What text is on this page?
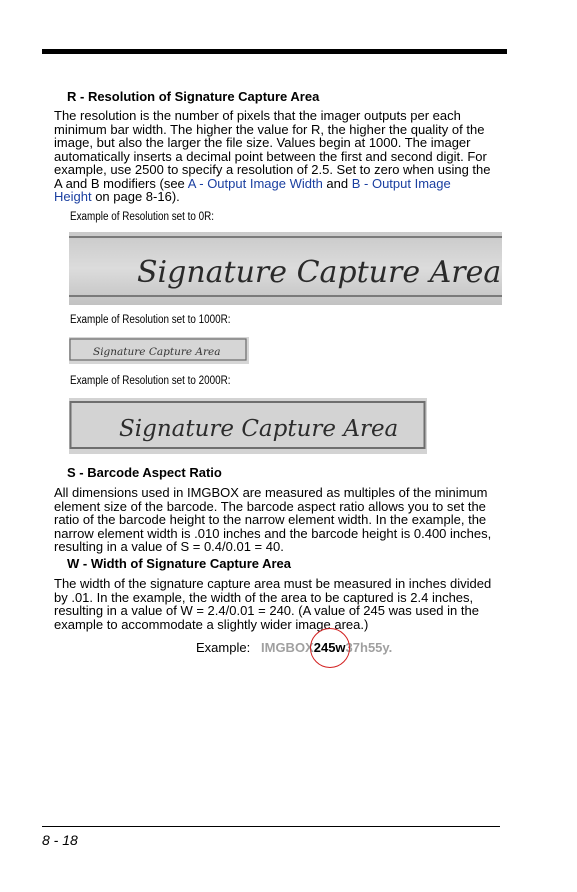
R - Resolution of Signature Capture Area
The resolution is the number of pixels that the imager outputs per each
minimum bar width. The higher the value for R, the higher the quality of the
image, but also the larger the file size. Values begin at 1000. The imager
automatically inserts a decimal point between the first and second digit. For
example, use 2500 to specify a resolution of 2.5. Set to zero when using the
A and B modifiers (see A - Output Image Width and B - Output Image
Height on page 8-16).
Example of Resolution set to 0R:
Signature Capture Area
Example of Resolution set to 1000R:
Signature Capture Area
Example of Resolution set to 2000R:
Signature Capture Area
S - Barcode Aspect Ratio
All dimensions used in IMGBOX are measured as multiples of the minimum
element size of the barcode. The barcode aspect ratio allows you to set the
ratio of the barcode height to the narrow element width. In the example, the
narrow element width is .010 inches and the barcode height is 0.400 inches,
resulting in a value of S = 0.4/0.01 = 40.
W - Width of Signature Capture Area
The width of the signature capture area must be measured in inches divided
by .01. In the example, the width of the area to be captured is 2.4 inches,
resulting in a value of W = 2.4/0.01 = 240. (A value of 245 was used in the
example to accommodate a slightly wider image area.)
Example: IMGBOX245w37h55y.
8 - 18
